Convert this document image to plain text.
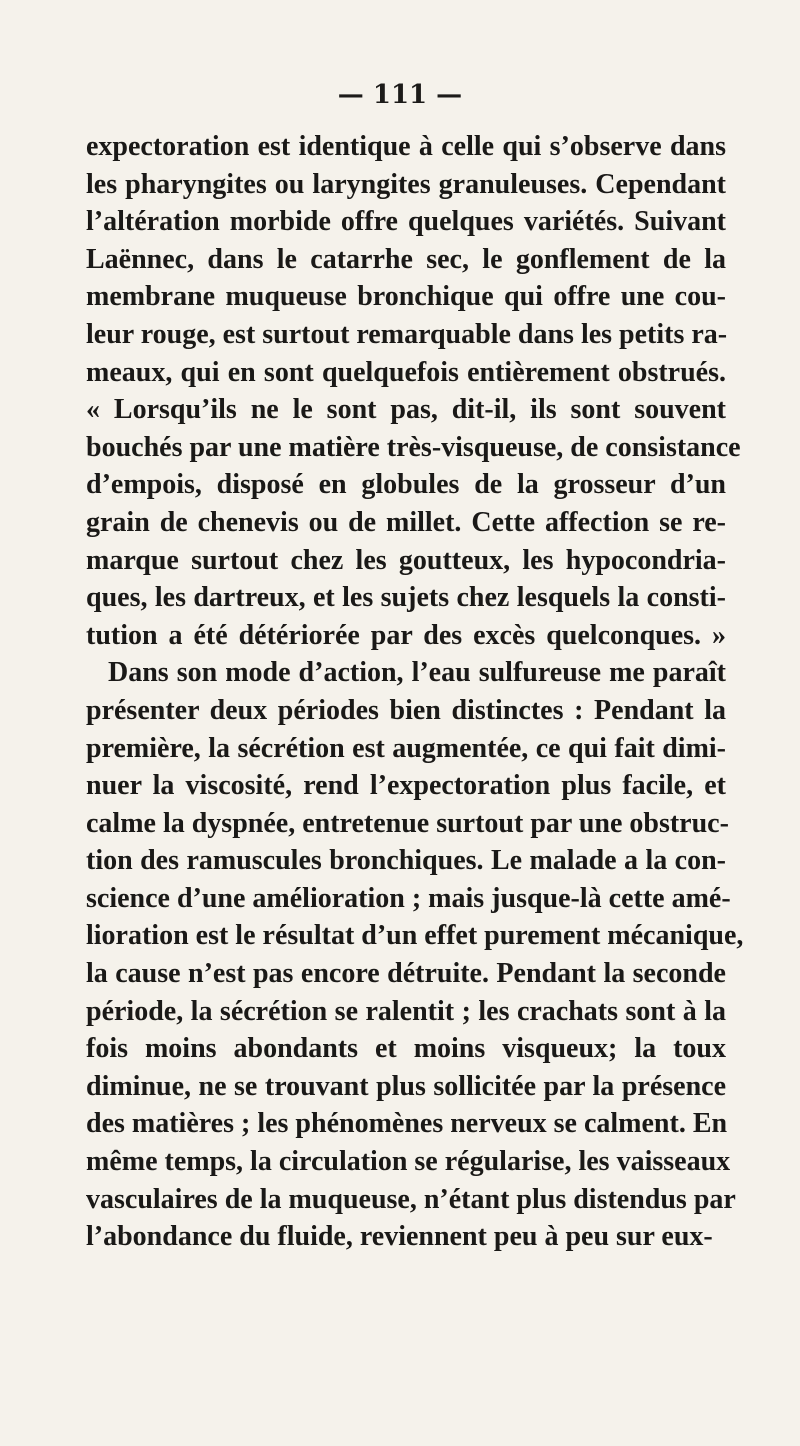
— 111 —
expectoration est identique à celle qui s’observe dans
les pharyngites ou laryngites granuleuses. Cependant
l’altération morbide offre quelques variétés. Suivant
Laënnec, dans le catarrhe sec, le gonflement de la
membrane muqueuse bronchique qui offre une cou-
leur rouge, est surtout remarquable dans les petits ra-
meaux, qui en sont quelquefois entièrement obstrués.
« Lorsqu’ils ne le sont pas, dit-il, ils sont souvent
bouchés par une matière très-visqueuse, de consistance
d’empois, disposé en globules de la grosseur d’un
grain de chenevis ou de millet. Cette affection se re-
marque surtout chez les goutteux, les hypocondria-
ques, les dartreux, et les sujets chez lesquels la consti-
tution a été détériorée par des excès quelconques. »
Dans son mode d’action, l’eau sulfureuse me paraît
présenter deux périodes bien distinctes : Pendant la
première, la sécrétion est augmentée, ce qui fait dimi-
nuer la viscosité, rend l’expectoration plus facile, et
calme la dyspnée, entretenue surtout par une obstruc-
tion des ramuscules bronchiques. Le malade a la con-
science d’une amélioration ; mais jusque-là cette amé-
lioration est le résultat d’un effet purement mécanique,
la cause n’est pas encore détruite. Pendant la seconde
période, la sécrétion se ralentit ; les crachats sont à la
fois moins abondants et moins visqueux; la toux
diminue, ne se trouvant plus sollicitée par la présence
des matières ; les phénomènes nerveux se calment. En
même temps, la circulation se régularise, les vaisseaux
vasculaires de la muqueuse, n’étant plus distendus par
l’abondance du fluide, reviennent peu à peu sur eux-
